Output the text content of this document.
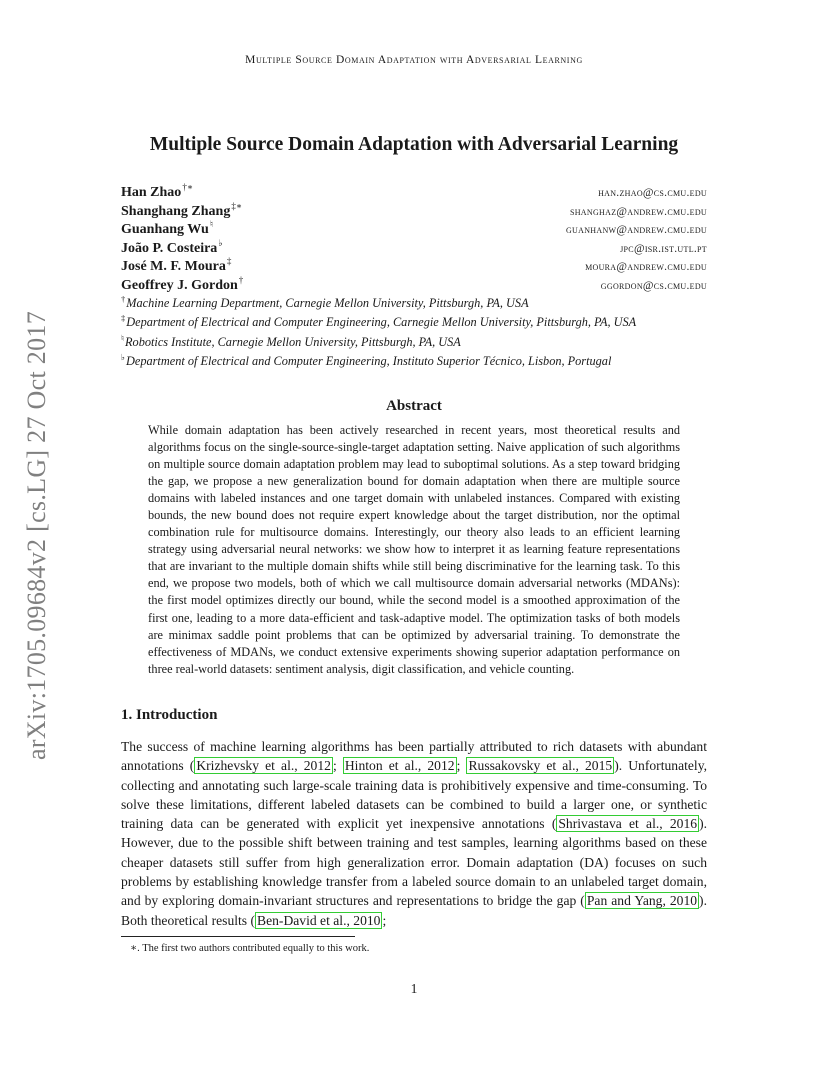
Multiple Source Domain Adaptation with Adversarial Learning
arXiv:1705.09684v2 [cs.LG] 27 Oct 2017
Multiple Source Domain Adaptation with Adversarial Learning
Han Zhao†∗	han.zhao@cs.cmu.edu
Shanghang Zhang‡∗	shanghaz@andrew.cmu.edu
Guanhang Wu♮	guanhanw@andrew.cmu.edu
João P. Costeira♭	jpc@isr.ist.utl.pt
José M. F. Moura‡	moura@andrew.cmu.edu
Geoffrey J. Gordon†	ggordon@cs.cmu.edu
†Machine Learning Department, Carnegie Mellon University, Pittsburgh, PA, USA
‡Department of Electrical and Computer Engineering, Carnegie Mellon University, Pittsburgh, PA, USA
♮Robotics Institute, Carnegie Mellon University, Pittsburgh, PA, USA
♭Department of Electrical and Computer Engineering, Instituto Superior Técnico, Lisbon, Portugal
Abstract
While domain adaptation has been actively researched in recent years, most theoretical results and algorithms focus on the single-source-single-target adaptation setting. Naive application of such algorithms on multiple source domain adaptation problem may lead to suboptimal solutions. As a step toward bridging the gap, we propose a new generalization bound for domain adaptation when there are multiple source domains with labeled instances and one target domain with unlabeled instances. Compared with existing bounds, the new bound does not require expert knowledge about the target distribution, nor the optimal combination rule for multisource domains. Interestingly, our theory also leads to an efficient learning strategy using adversarial neural networks: we show how to interpret it as learning feature representations that are invariant to the multiple domain shifts while still being discriminative for the learning task. To this end, we propose two models, both of which we call multisource domain adversarial networks (MDANs): the first model optimizes directly our bound, while the second model is a smoothed approximation of the first one, leading to a more data-efficient and task-adaptive model. The optimization tasks of both models are minimax saddle point problems that can be optimized by adversarial training. To demonstrate the effectiveness of MDANs, we conduct extensive experiments showing superior adaptation performance on three real-world datasets: sentiment analysis, digit classification, and vehicle counting.
1. Introduction
The success of machine learning algorithms has been partially attributed to rich datasets with abundant annotations ( Krizhevsky et al., 2012 ; Hinton et al., 2012 ; Russakovsky et al., 2015 ). Unfortunately, collecting and annotating such large-scale training data is prohibitively expensive and time-consuming. To solve these limitations, different labeled datasets can be combined to build a larger one, or synthetic training data can be generated with explicit yet inexpensive annotations ( Shrivastava et al., 2016 ). However, due to the possible shift between training and test samples, learning algorithms based on these cheaper datasets still suffer from high generalization error. Domain adaptation (DA) focuses on such problems by establishing knowledge transfer from a labeled source domain to an unlabeled target domain, and by exploring domain-invariant structures and representations to bridge the gap ( Pan and Yang, 2010 ). Both theoretical results ( Ben-David et al., 2010 ;
∗. The first two authors contributed equally to this work.
1
